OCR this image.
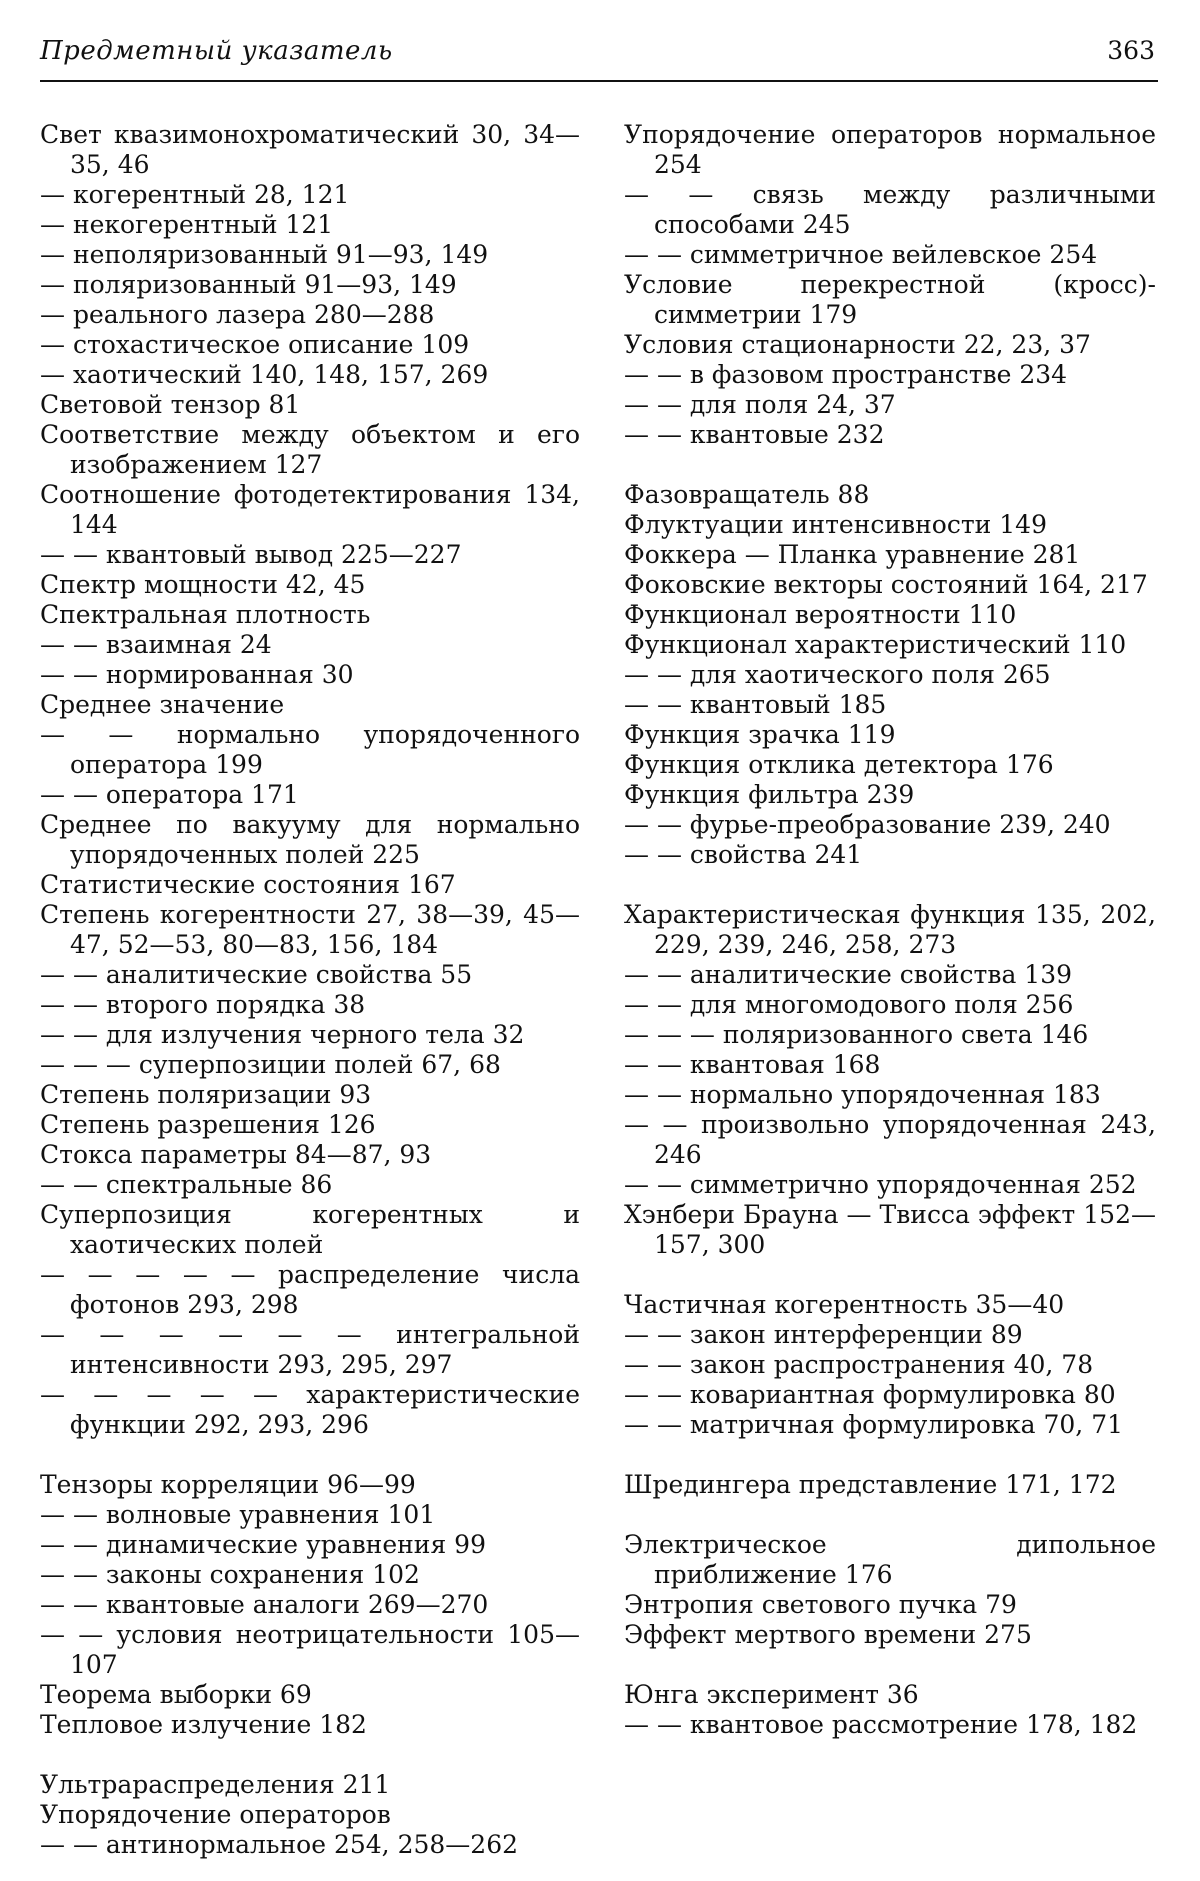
Предметный указатель	363

Свет квазимонохроматический 30, 34—35, 46

— когерентный 28, 121

— некогерентный 121

— неполяризованный 91—93, 149

— поляризованный 91—93, 149

— реального лазера 280—288

— стохастическое описание 109

— хаотический 140, 148, 157, 269

Световой тензор 81

Соответствие между объектом и его изображением 127

Соотношение фотодетектирования 134, 144

— — квантовый вывод 225—227

Спектр мощности 42, 45

Спектральная плотность

— — взаимная 24

— — нормированная 30

Среднее значение

— — нормально упорядоченного оператора 199

— — оператора 171

Среднее по вакууму для нормально упорядоченных полей 225

Статистические состояния 167

Степень когерентности 27, 38—39, 45—47, 52—53, 80—83, 156, 184

— — аналитические свойства 55

— — второго порядка 38

— — для излучения черного тела 32

— — — суперпозиции полей 67, 68

Степень поляризации 93

Степень разрешения 126

Стокса параметры 84—87, 93

— — спектральные 86

Суперпозиция когерентных и хаотических полей

— — — — — распределение числа фотонов 293, 298

— — — — — — интегральной интенсивности 293, 295, 297

— — — — — характеристические функции 292, 293, 296

Тензоры корреляции 96—99

— — волновые уравнения 101

— — динамические уравнения 99

— — законы сохранения 102

— — квантовые аналоги 269—270

— — условия неотрицательности 105—107

Теорема выборки 69

Тепловое излучение 182

Ультрараспределения 211

Упорядочение операторов

— — антинормальное 254, 258—262

Упорядочение операторов нормальное 254

— — связь между различными способами 245

— — симметричное вейлевское 254

Условие перекрестной (кросс)-симметрии 179

Условия стационарности 22, 23, 37

— — в фазовом пространстве 234

— — для поля 24, 37

— — квантовые 232

Фазовращатель 88

Флуктуации интенсивности 149

Фоккера — Планка уравнение 281

Фоковские векторы состояний 164, 217

Функционал вероятности 110

Функционал характеристический 110

— — для хаотического поля 265

— — квантовый 185

Функция зрачка 119

Функция отклика детектора 176

Функция фильтра 239

— — фурье-преобразование 239, 240

— — свойства 241

Характеристическая функция 135, 202, 229, 239, 246, 258, 273

— — аналитические свойства 139

— — для многомодового поля 256

— — — поляризованного света 146

— — квантовая 168

— — нормально упорядоченная 183

— — произвольно упорядоченная 243, 246

— — симметрично упорядоченная 252

Хэнбери Брауна — Твисса эффект 152—157, 300

Частичная когерентность 35—40

— — закон интерференции 89

— — закон распространения 40, 78

— — ковариантная формулировка 80

— — матричная формулировка 70, 71

Шредингера представление 171, 172

Электрическое дипольное приближение 176

Энтропия светового пучка 79

Эффект мертвого времени 275

Юнга эксперимент 36

— — квантовое рассмотрение 178, 182
